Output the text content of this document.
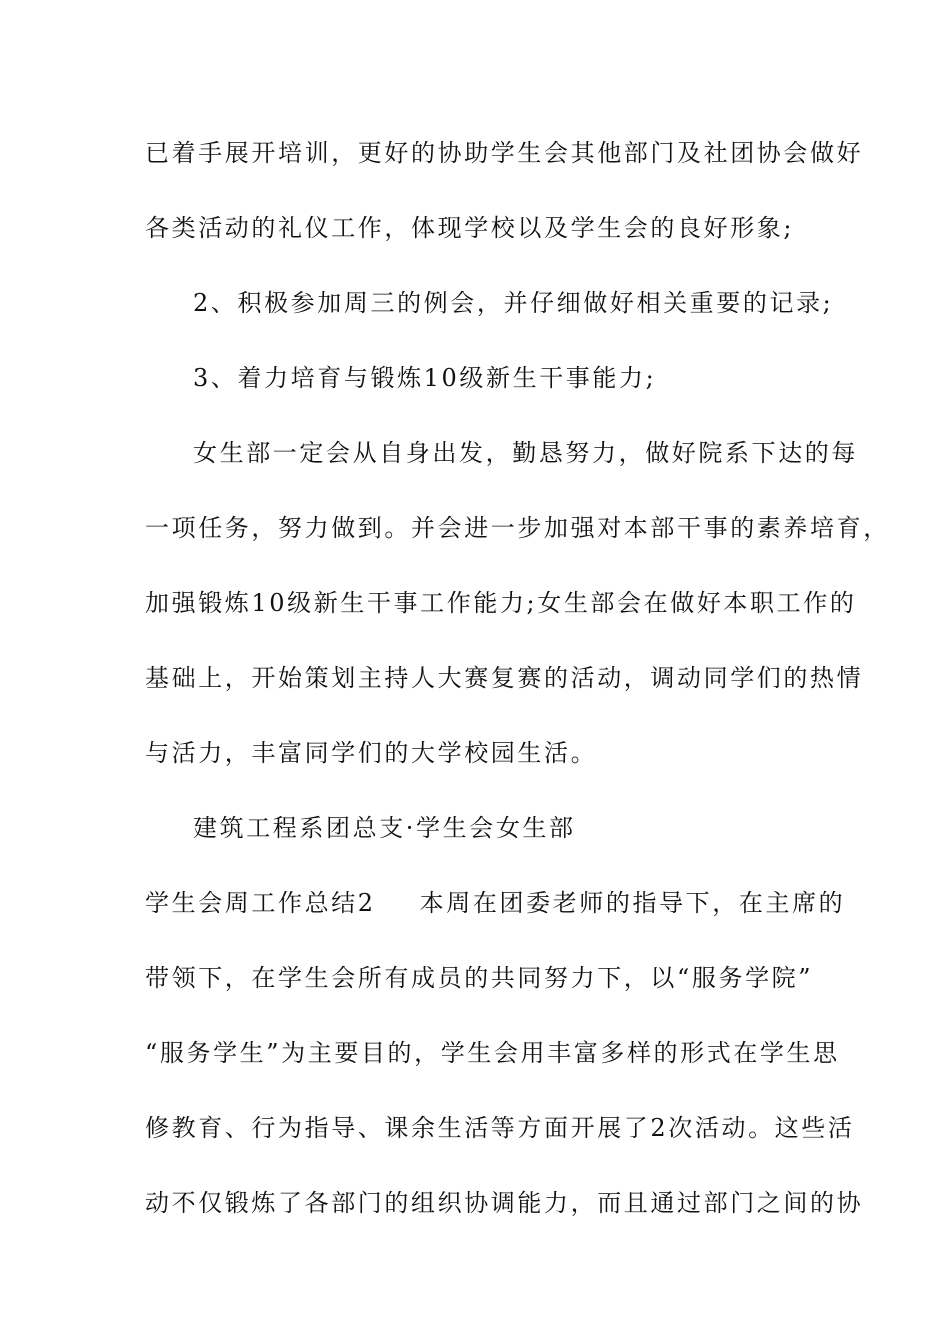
已着手展开培训，更好的协助学生会其他部门及社团协会做好
各类活动的礼仪工作，体现学校以及学生会的良好形象;
2、积极参加周三的例会，并仔细做好相关重要的记录;
3、着力培育与锻炼10级新生干事能力;
女生部一定会从自身出发，勤恳努力，做好院系下达的每
一项任务，努力做到。并会进一步加强对本部干事的素养培育，
加强锻炼10级新生干事工作能力;女生部会在做好本职工作的
基础上，开始策划主持人大赛复赛的活动，调动同学们的热情
与活力，丰富同学们的大学校园生活。
建筑工程系团总支·学生会女生部
学生会周工作总结2 本周在团委老师的指导下，在主席的
带领下，在学生会所有成员的共同努力下，以“服务学院”
“服务学生”为主要目的，学生会用丰富多样的形式在学生思
修教育、行为指导、课余生活等方面开展了2次活动。这些活
动不仅锻炼了各部门的组织协调能力，而且通过部门之间的协
